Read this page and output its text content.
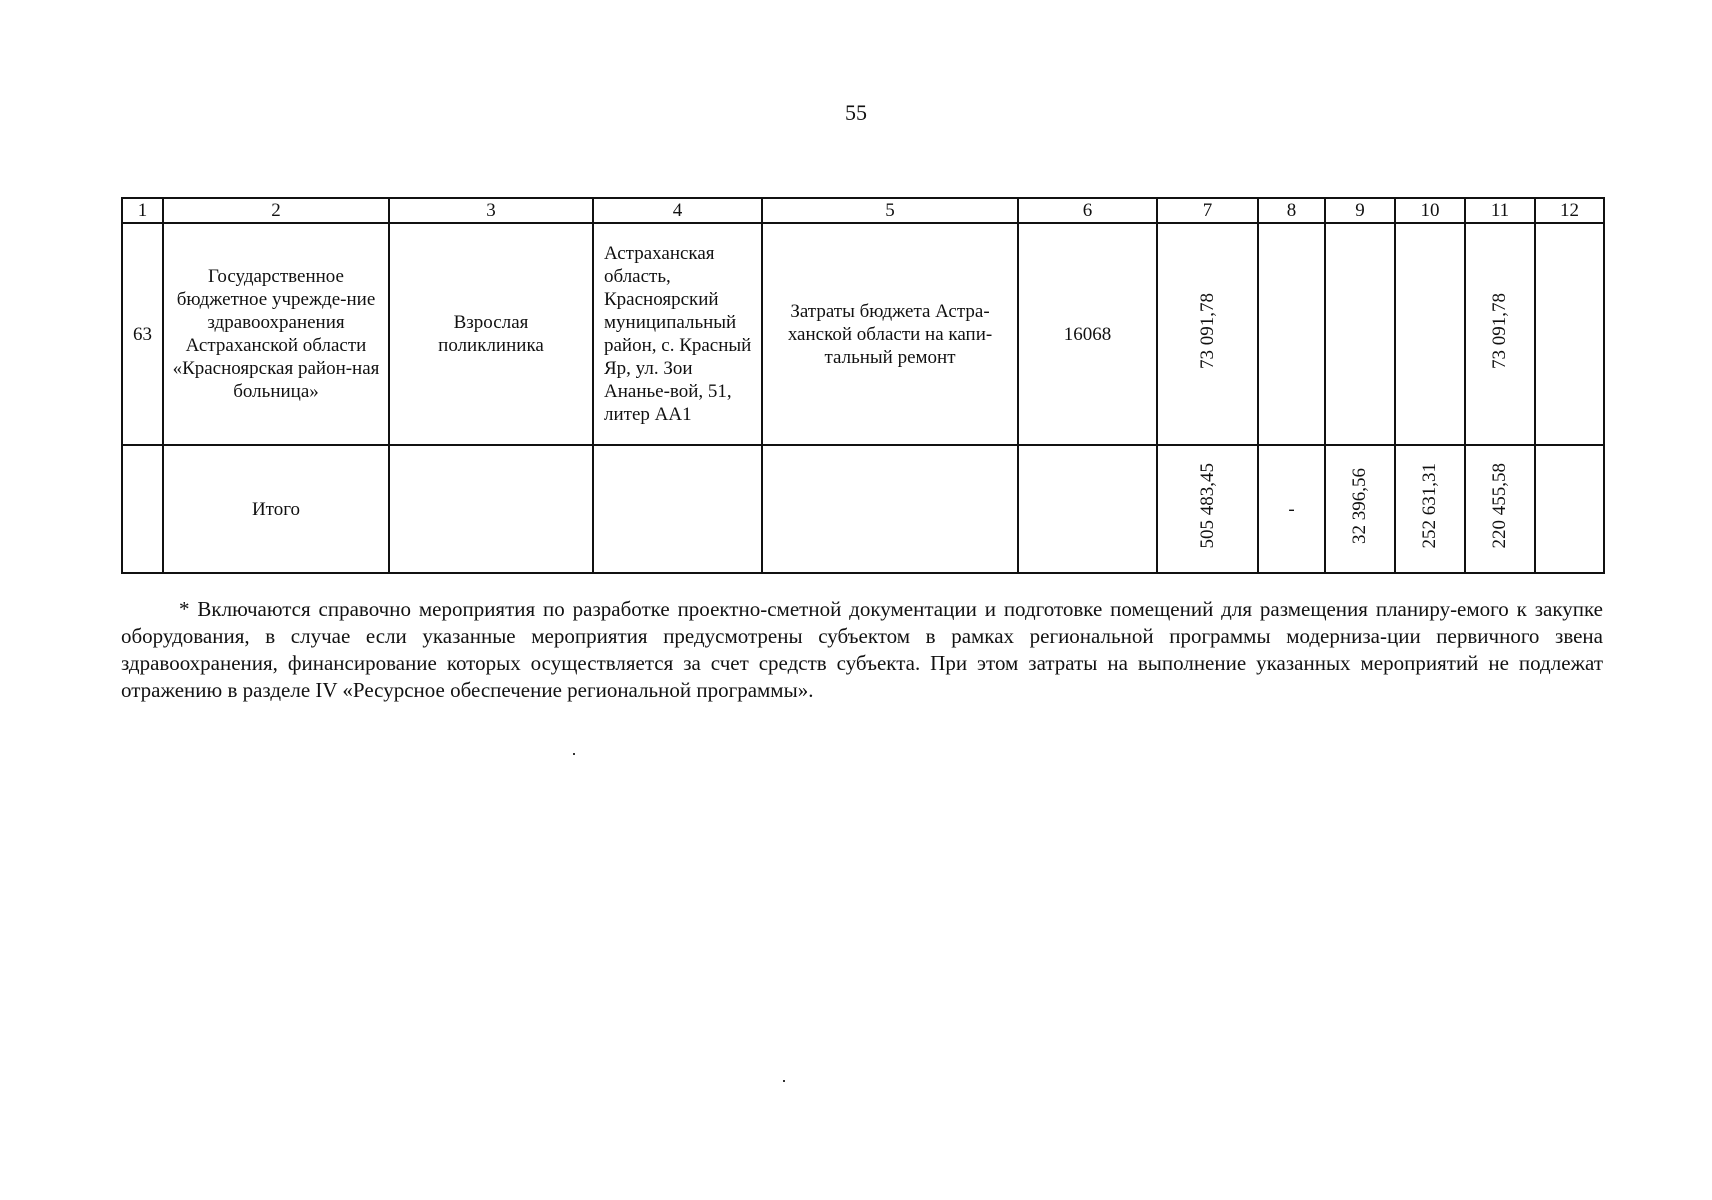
55
1	2	3	4	5	6	7	8	9	10	11	12
63	Государственное бюджетное учрежде-ние здравоохранения Астраханской области «Красноярская район-ная больница»	Взрослая поликлиника	Астраханская область, Красноярский муниципальный район, с. Красный Яр, ул. Зои Ананье-вой, 51, литер АА1	Затраты бюджета Астра-ханской области на капи-тальный ремонт	16068	73 091,78				73 091,78	
	Итого					505 483,45	-	32 396,56	252 631,31	220 455,58	
* Включаются справочно мероприятия по разработке проектно-сметной документации и подготовке помещений для размещения планиру-емого к закупке оборудования, в случае если указанные мероприятия предусмотрены субъектом в рамках региональной программы модерниза-ции первичного звена здравоохранения, финансирование которых осуществляется за счет средств субъекта. При этом затраты на выполнение указанных мероприятий не подлежат отражению в разделе IV «Ресурсное обеспечение региональной программы».
